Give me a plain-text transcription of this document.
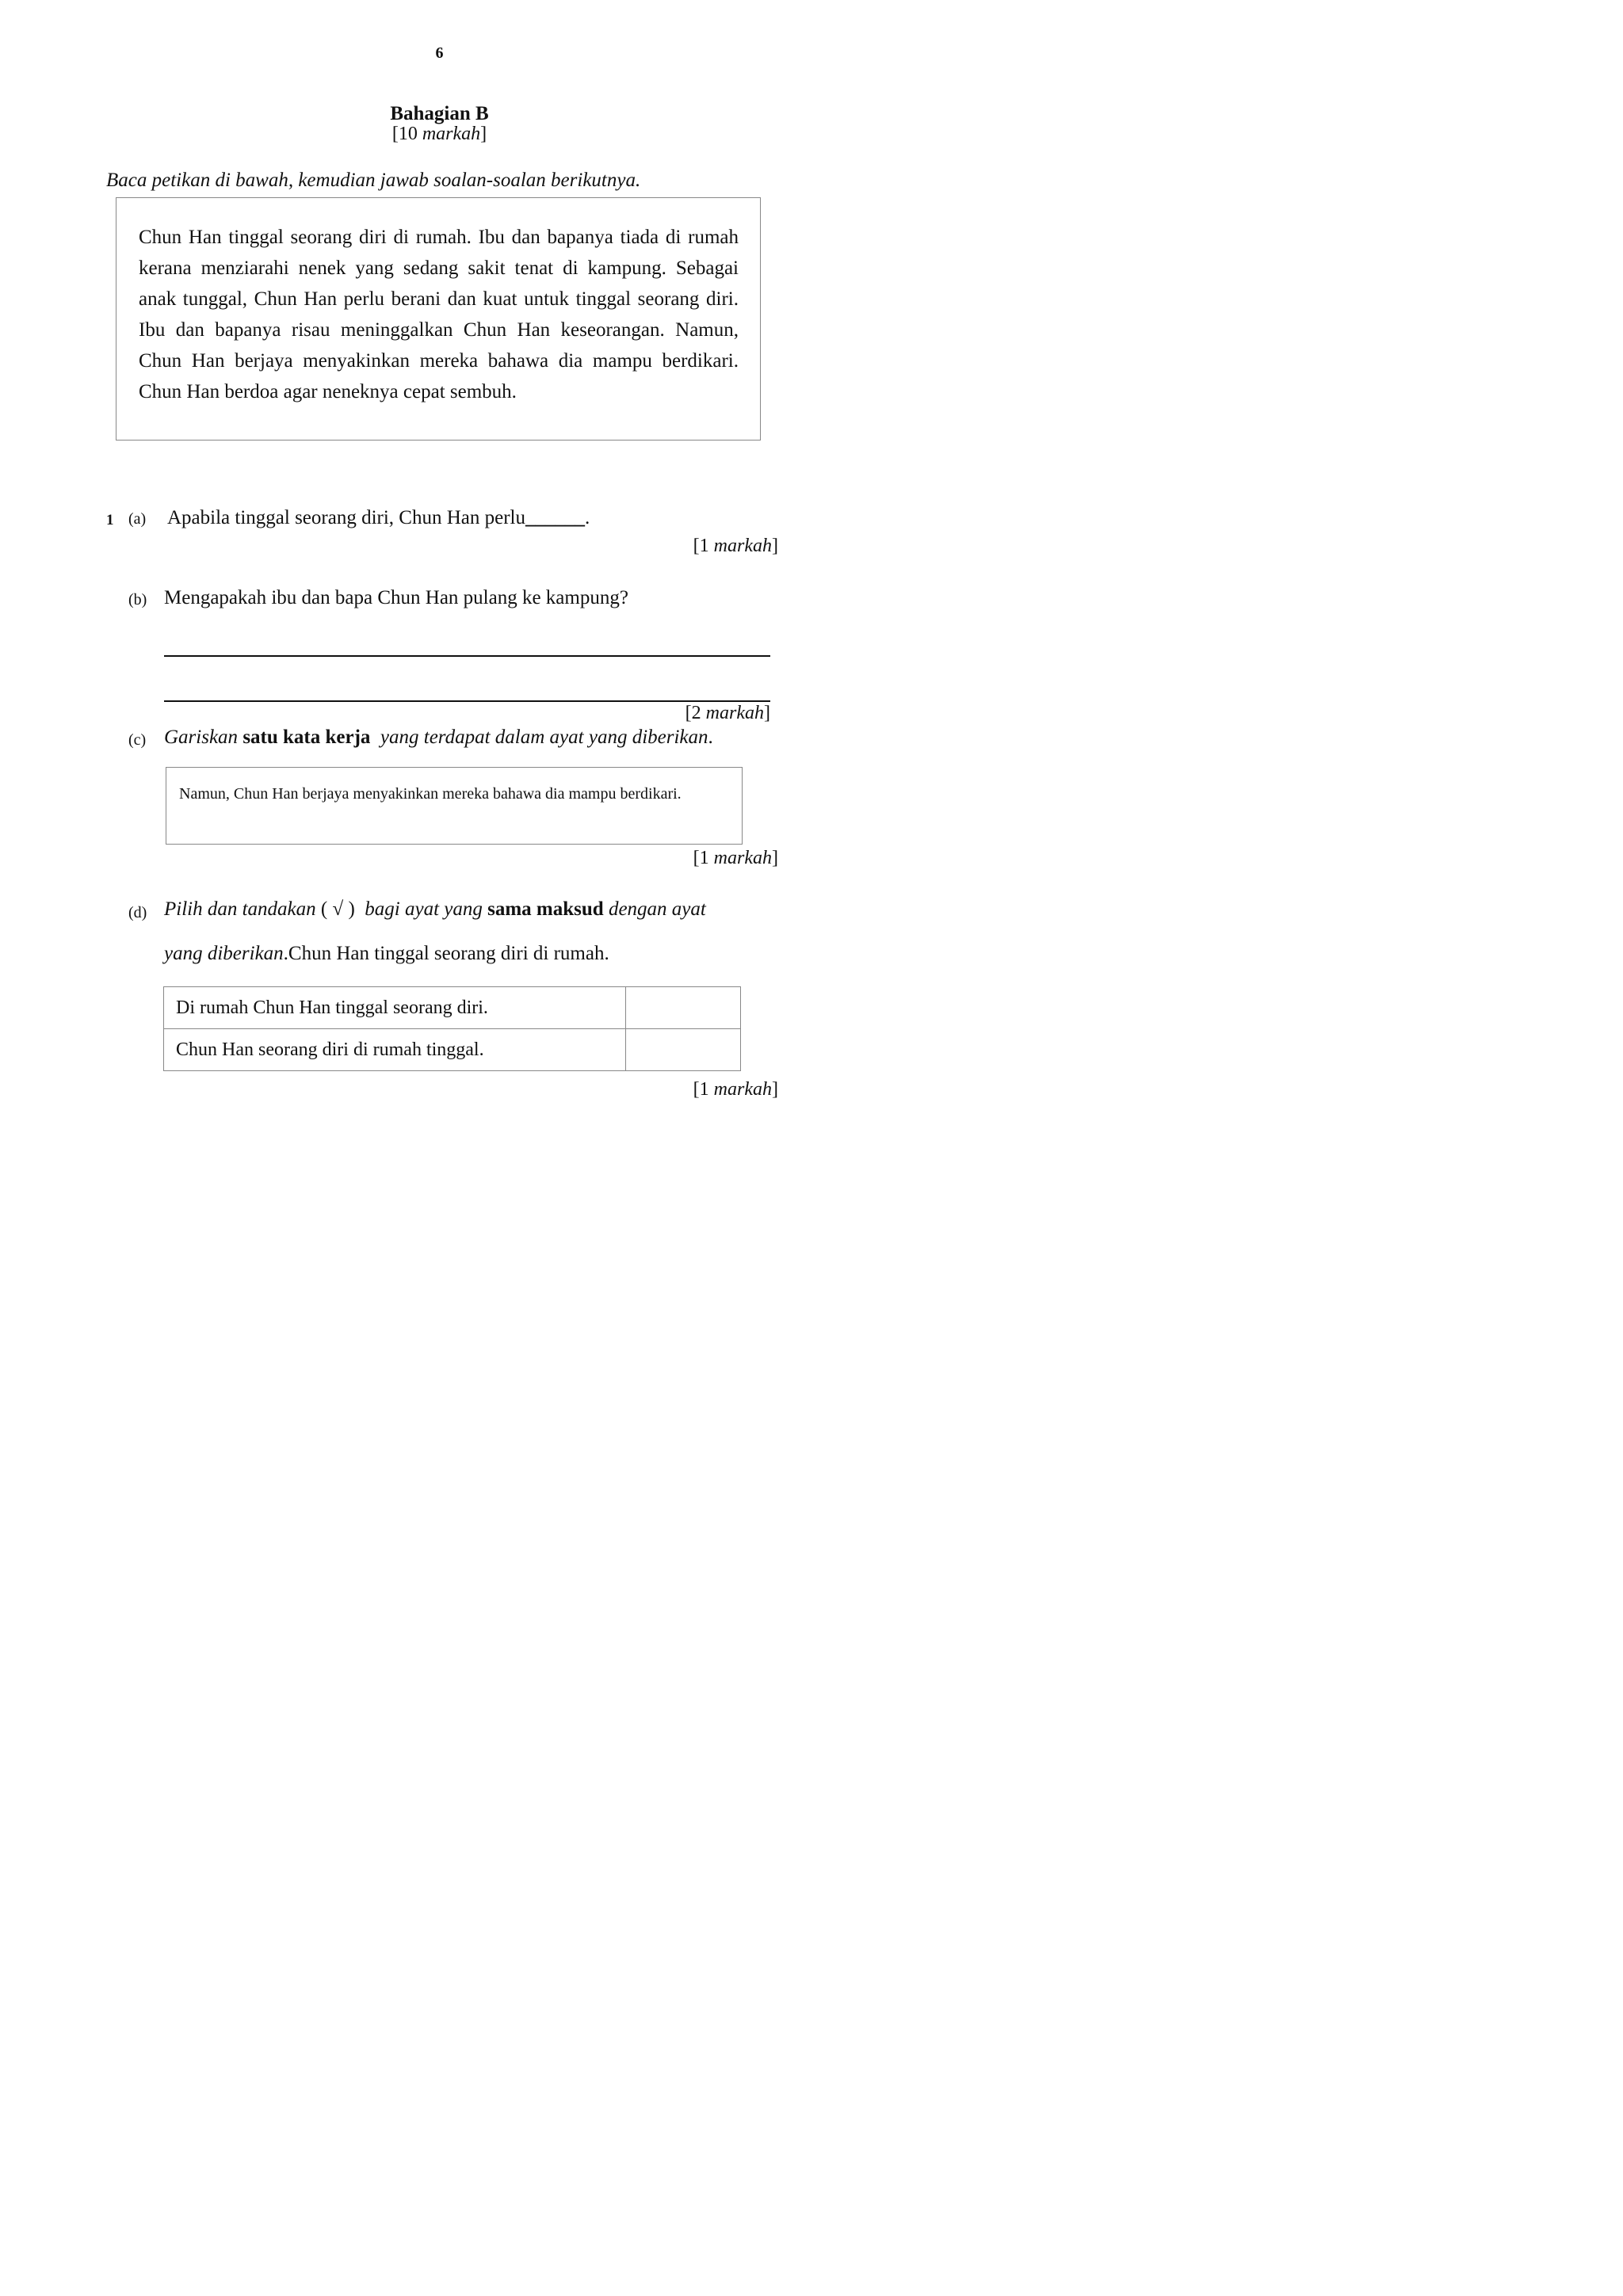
6
Bahagian B
[10 markah]
Baca petikan di bawah, kemudian jawab soalan-soalan berikutnya.
Chun Han tinggal seorang diri di rumah. Ibu dan bapanya tiada di rumah kerana menziarahi nenek yang sedang sakit tenat di kampung. Sebagai anak tunggal, Chun Han perlu berani dan kuat untuk tinggal seorang diri. Ibu dan bapanya risau meninggalkan Chun Han keseorangan. Namun, Chun Han berjaya menyakinkan mereka bahawa dia mampu berdikari. Chun Han berdoa agar neneknya cepat sembuh.
1 (a) Apabila tinggal seorang diri, Chun Han perlu______.
[1 markah]
(b) Mengapakah ibu dan bapa Chun Han pulang ke kampung?
[2 markah]
(c) Gariskan satu kata kerja yang terdapat dalam ayat yang diberikan.
Namun, Chun Han berjaya menyakinkan mereka bahawa dia mampu berdikari.
[1 markah]
(d) Pilih dan tandakan ( √ ) bagi ayat yang sama maksud dengan ayat
yang diberikan.Chun Han tinggal seorang diri di rumah.
Di rumah Chun Han tinggal seorang diri.	
Chun Han seorang diri di rumah tinggal.	
[1 markah]
